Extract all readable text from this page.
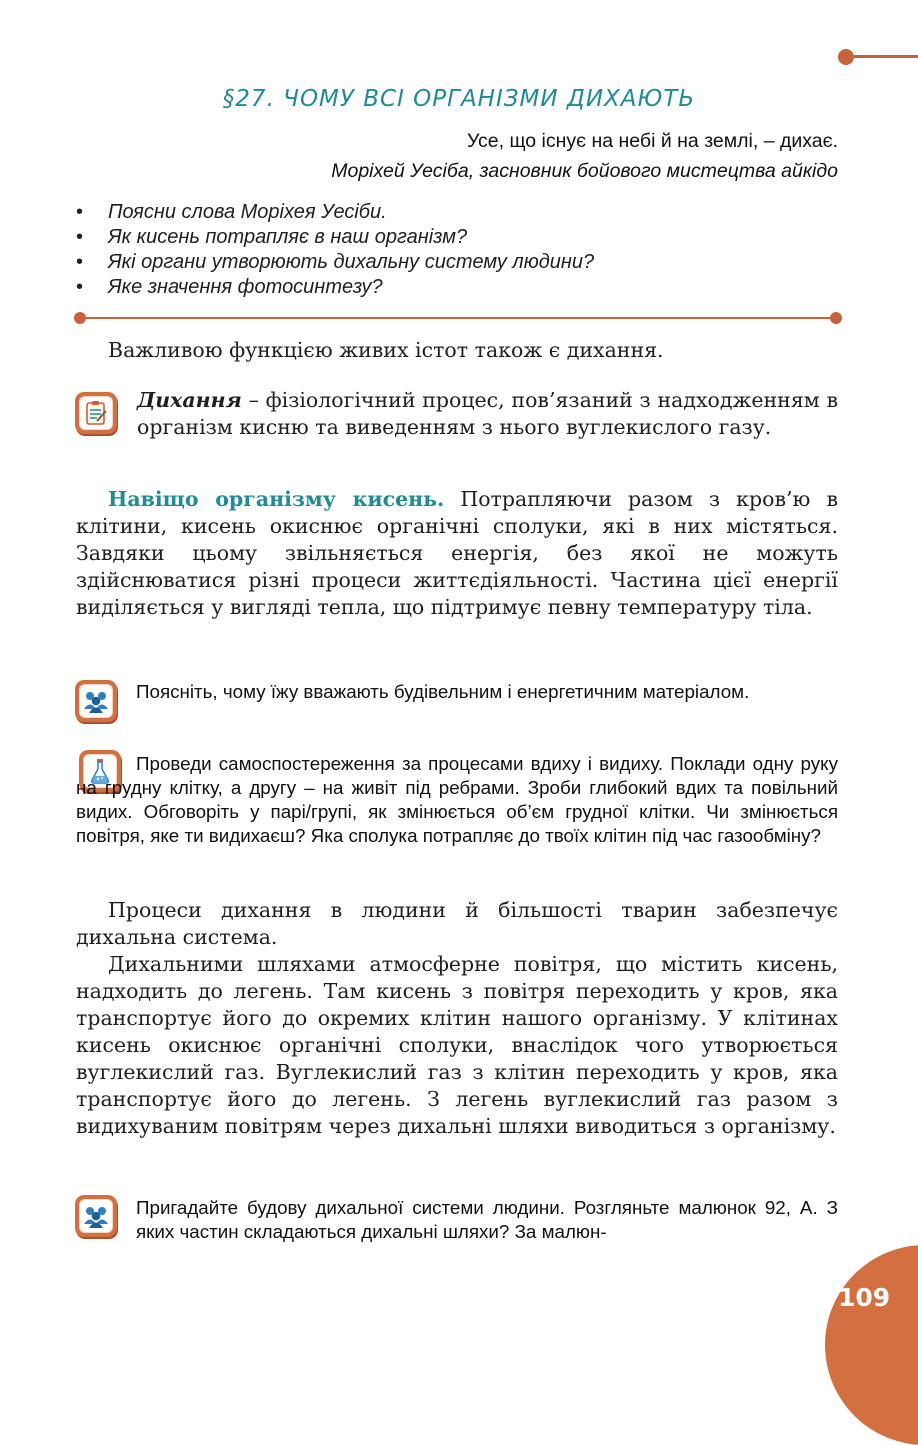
§27. ЧОМУ ВСІ ОРГАНІЗМИ ДИХАЮТЬ
Усе, що існує на небі й на землі, – дихає.
Моріхей Уесіба, засновник бойового мистецтва айкідо
• Поясни слова Моріхея Уесіби.
• Як кисень потрапляє в наш організм?
• Які органи утворюють дихальну систему людини?
• Яке значення фотосинтезу?

Важливою функцією живих істот також є дихання.

Дихання – фізіологічний процес, пов’язаний з надходженням в організм кисню та виведенням з нього вуглекислого газу.

Навіщо організму кисень. Потрапляючи разом з кров’ю в клітини, кисень окиснює органічні сполуки, які в них містяться. Завдяки цьому звільняється енергія, без якої не можуть здійснюватися різні процеси життєдіяльності. Частина цієї енергії виділяється у вигляді тепла, що підтримує певну температуру тіла.

Поясніть, чому їжу вважають будівельним і енергетичним матеріалом.

Проведи самоспостереження за процесами вдиху і видиху. Поклади одну руку на грудну клітку, а другу – на живіт під ребрами. Зроби глибокий вдих та повільний видих. Обговоріть у парі/групі, як змінюється об’єм грудної клітки. Чи змінюється повітря, яке ти видихаєш? Яка сполука потрапляє до твоїх клітин під час газообміну?

Процеси дихання в людини й більшості тварин забезпечує дихальна система.

Дихальними шляхами атмосферне повітря, що містить кисень, надходить до легень. Там кисень з повітря переходить у кров, яка транспортує його до окремих клітин нашого організму. У клітинах кисень окиснює органічні сполуки, внаслідок чого утворюється вуглекислий газ. Вуглекислий газ з клітин переходить у кров, яка транспортує його до легень. З легень вуглекислий газ разом з видихуваним повітрям через дихальні шляхи виводиться з організму.

Пригадайте будову дихальної системи людини. Розгляньте малюнок 92, А. З яких частин складаються дихальні шляхи? За малюн-

109
